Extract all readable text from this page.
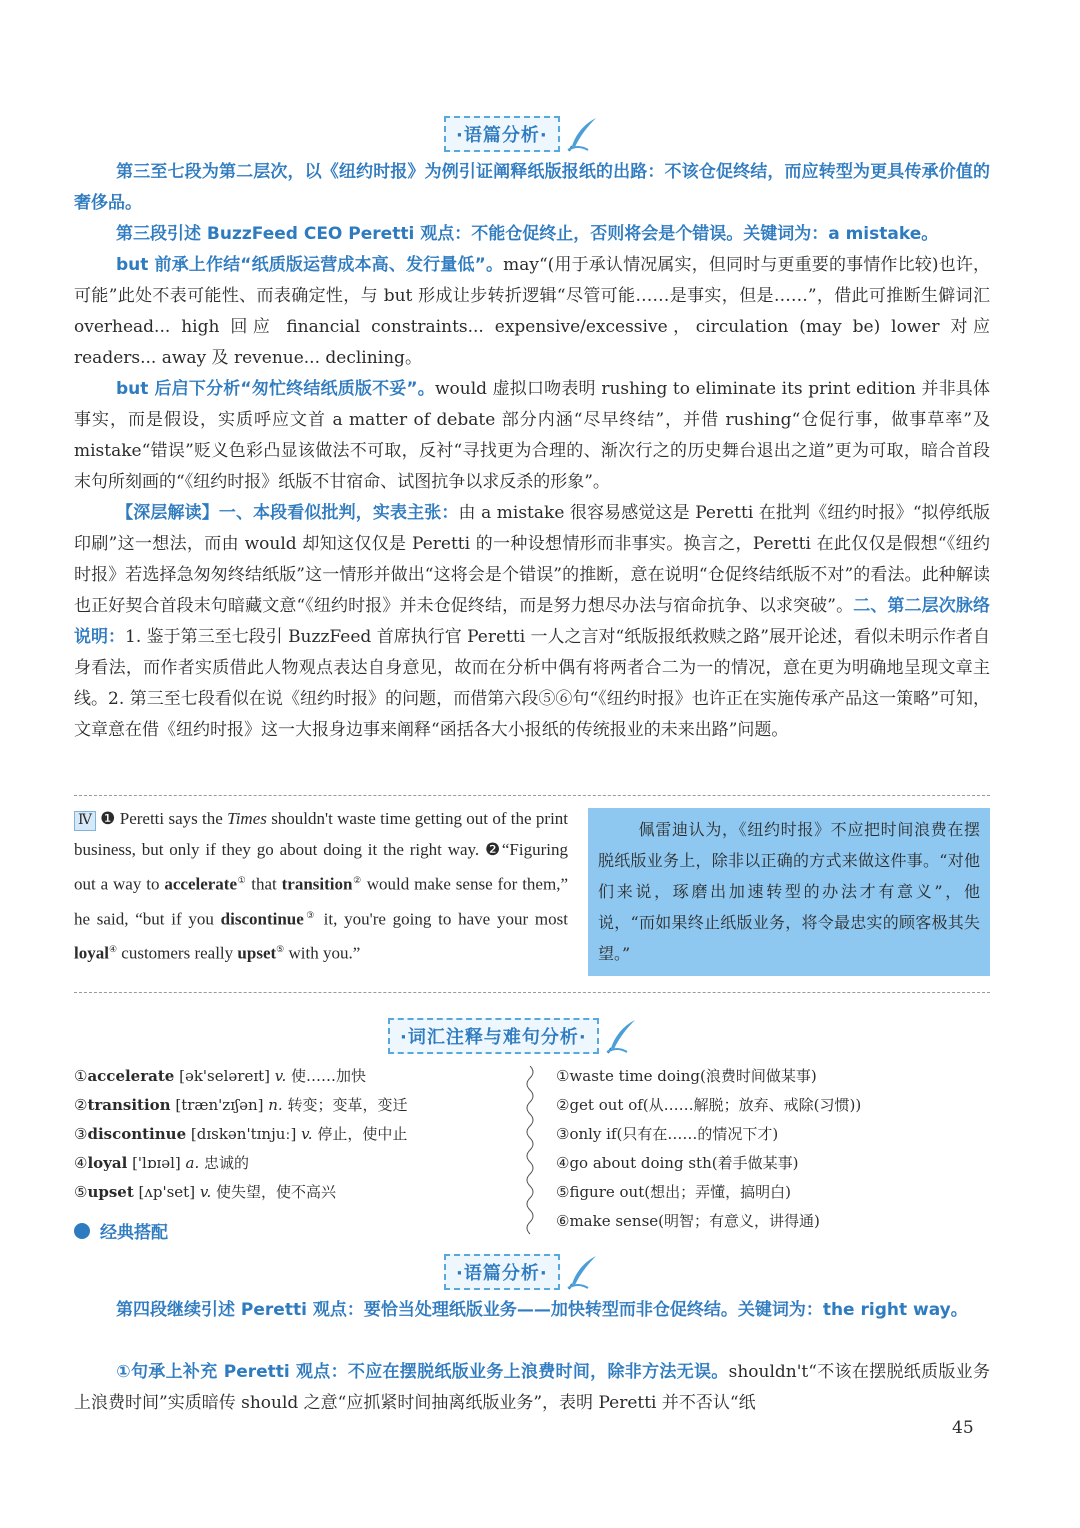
·语篇分析·

第三至七段为第二层次，以《纽约时报》为例引证阐释纸版报纸的出路：不该仓促终结，而应转型为更具传承价值的奢侈品。

第三段引述 BuzzFeed CEO Peretti 观点：不能仓促终止，否则将会是个错误。关键词为：a mistake。

but 前承上作结“纸质版运营成本高、发行量低”。may“(用于承认情况属实，但同时与更重要的事情作比较)也许，可能”此处不表可能性、而表确定性，与 but 形成让步转折逻辑“尽管可能……是事实，但是……”，借此可推断生僻词汇 overhead... high 回应 financial constraints... expensive/excessive，circulation (may be) lower 对应 readers... away 及 revenue... declining。

but 后启下分析“匆忙终结纸质版不妥”。would 虚拟口吻表明 rushing to eliminate its print edition 并非具体事实，而是假设，实质呼应文首 a matter of debate 部分内涵“尽早终结”，并借 rushing“仓促行事，做事草率”及 mistake“错误”贬义色彩凸显该做法不可取，反衬“寻找更为合理的、渐次行之的历史舞台退出之道”更为可取，暗合首段末句所刻画的“《纽约时报》纸版不甘宿命、试图抗争以求反杀的形象”。

【深层解读】一、本段看似批判，实表主张：由 a mistake 很容易感觉这是 Peretti 在批判《纽约时报》“拟停纸版印刷”这一想法，而由 would 却知这仅仅是 Peretti 的一种设想情形而非事实。换言之，Peretti 在此仅仅是假想“《纽约时报》若选择急匆匆终结纸版”这一情形并做出“这将会是个错误”的推断，意在说明“仓促终结纸版不对”的看法。此种解读也正好契合首段末句暗藏文意“《纽约时报》并未仓促终结，而是努力想尽办法与宿命抗争、以求突破”。二、第二层次脉络说明：1. 鉴于第三至七段引 BuzzFeed 首席执行官 Peretti 一人之言对“纸版报纸救赎之路”展开论述，看似未明示作者自身看法，而作者实质借此人物观点表达自身意见，故而在分析中偶有将两者合二为一的情况，意在更为明确地呈现文章主线。2. 第三至七段看似在说《纽约时报》的问题，而借第六段⑤⑥句“《纽约时报》也许正在实施传承产品这一策略”可知，文章意在借《纽约时报》这一大报身边事来阐释“函括各大小报纸的传统报业的未来出路”问题。

Ⅳ ❶ Peretti says the Times shouldn't waste time getting out of the print business, but only if they go about doing it the right way. ❷“Figuring out a way to accelerate① that transition② would make sense for them,” he said, “but if you discontinue③ it, you're going to have your most loyal④ customers really upset⑤ with you.”

佩雷迪认为，《纽约时报》不应把时间浪费在摆脱纸版业务上，除非以正确的方式来做这件事。“对他们来说，琢磨出加速转型的办法才有意义”，他说，“而如果终止纸版业务，将令最忠实的顾客极其失望。”
·词汇注释与难句分析·
①accelerate [ək'seləreɪt] v. 使……加快
②transition [træn'zɪʃən] n. 转变；变革，变迁
③discontinue [dɪskən'tɪnjuː] v. 停止，使中止
④loyal ['lɒɪəl] a. 忠诚的
⑤upset [ʌp'set] v. 使失望，使不高兴
①waste time doing(浪费时间做某事)
②get out of(从……解脱；放弃、戒除(习惯))
③only if(只有在……的情况下才)
④go about doing sth(着手做某事)
⑤figure out(想出；弄懂，搞明白)
⑥make sense(明智；有意义，讲得通)
经典搭配
·语篇分析·

第四段继续引述 Peretti 观点：要恰当处理纸版业务——加快转型而非仓促终结。关键词为：the right way。

①句承上补充 Peretti 观点：不应在摆脱纸版业务上浪费时间，除非方法无误。shouldn't“不该在摆脱纸质版业务上浪费时间”实质暗传 should 之意“应抓紧时间抽离纸版业务”，表明 Peretti 并不否认“纸

45
